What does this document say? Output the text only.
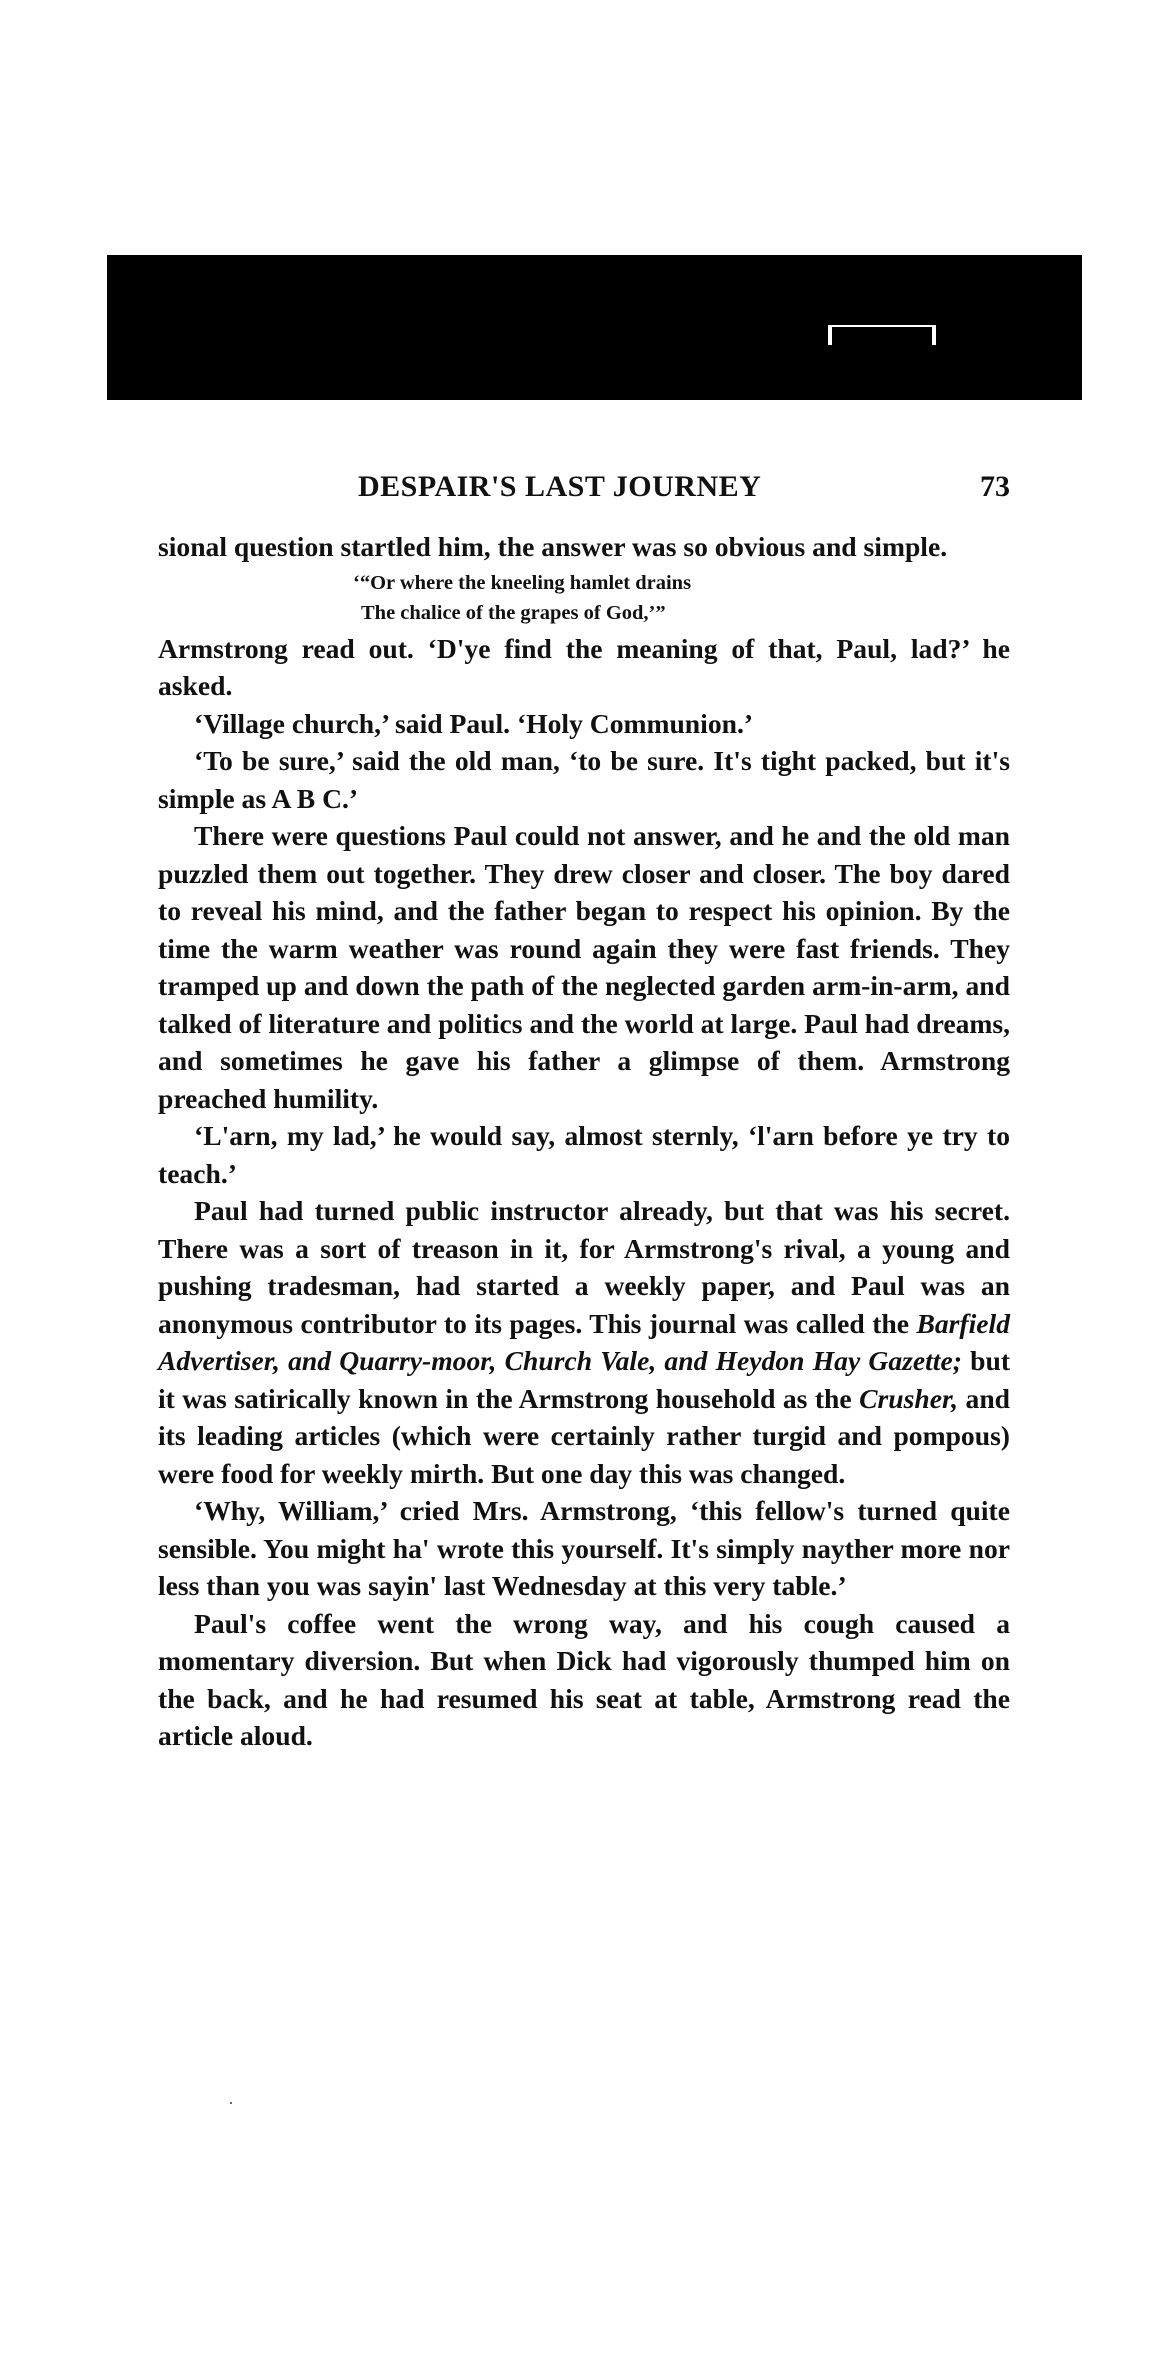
DESPAIR'S LAST JOURNEY	73

sional question startled him, the answer was so obvious and simple.

‘“Or where the kneeling hamlet drains
The chalice of the grapes of God,’”

Armstrong read out. ‘D'ye find the meaning of that, Paul, lad?’ he asked.

‘Village church,’ said Paul. ‘Holy Communion.’

‘To be sure,’ said the old man, ‘to be sure. It's tight packed, but it's simple as A B C.’

There were questions Paul could not answer, and he and the old man puzzled them out together. They drew closer and closer. The boy dared to reveal his mind, and the father began to respect his opinion. By the time the warm weather was round again they were fast friends. They tramped up and down the path of the neglected garden arm-in-arm, and talked of literature and politics and the world at large. Paul had dreams, and sometimes he gave his father a glimpse of them. Armstrong preached humility.

‘L'arn, my lad,’ he would say, almost sternly, ‘l'arn before ye try to teach.’

Paul had turned public instructor already, but that was his secret. There was a sort of treason in it, for Armstrong's rival, a young and pushing tradesman, had started a weekly paper, and Paul was an anonymous contributor to its pages. This journal was called the Barfield Advertiser, and Quarry-moor, Church Vale, and Heydon Hay Gazette; but it was satirically known in the Armstrong household as the Crusher, and its leading articles (which were certainly rather turgid and pompous) were food for weekly mirth. But one day this was changed.

‘Why, William,’ cried Mrs. Armstrong, ‘this fellow's turned quite sensible. You might ha' wrote this yourself. It's simply nayther more nor less than you was sayin' last Wednesday at this very table.’

Paul's coffee went the wrong way, and his cough caused a momentary diversion. But when Dick had vigorously thumped him on the back, and he had resumed his seat at table, Armstrong read the article aloud.
